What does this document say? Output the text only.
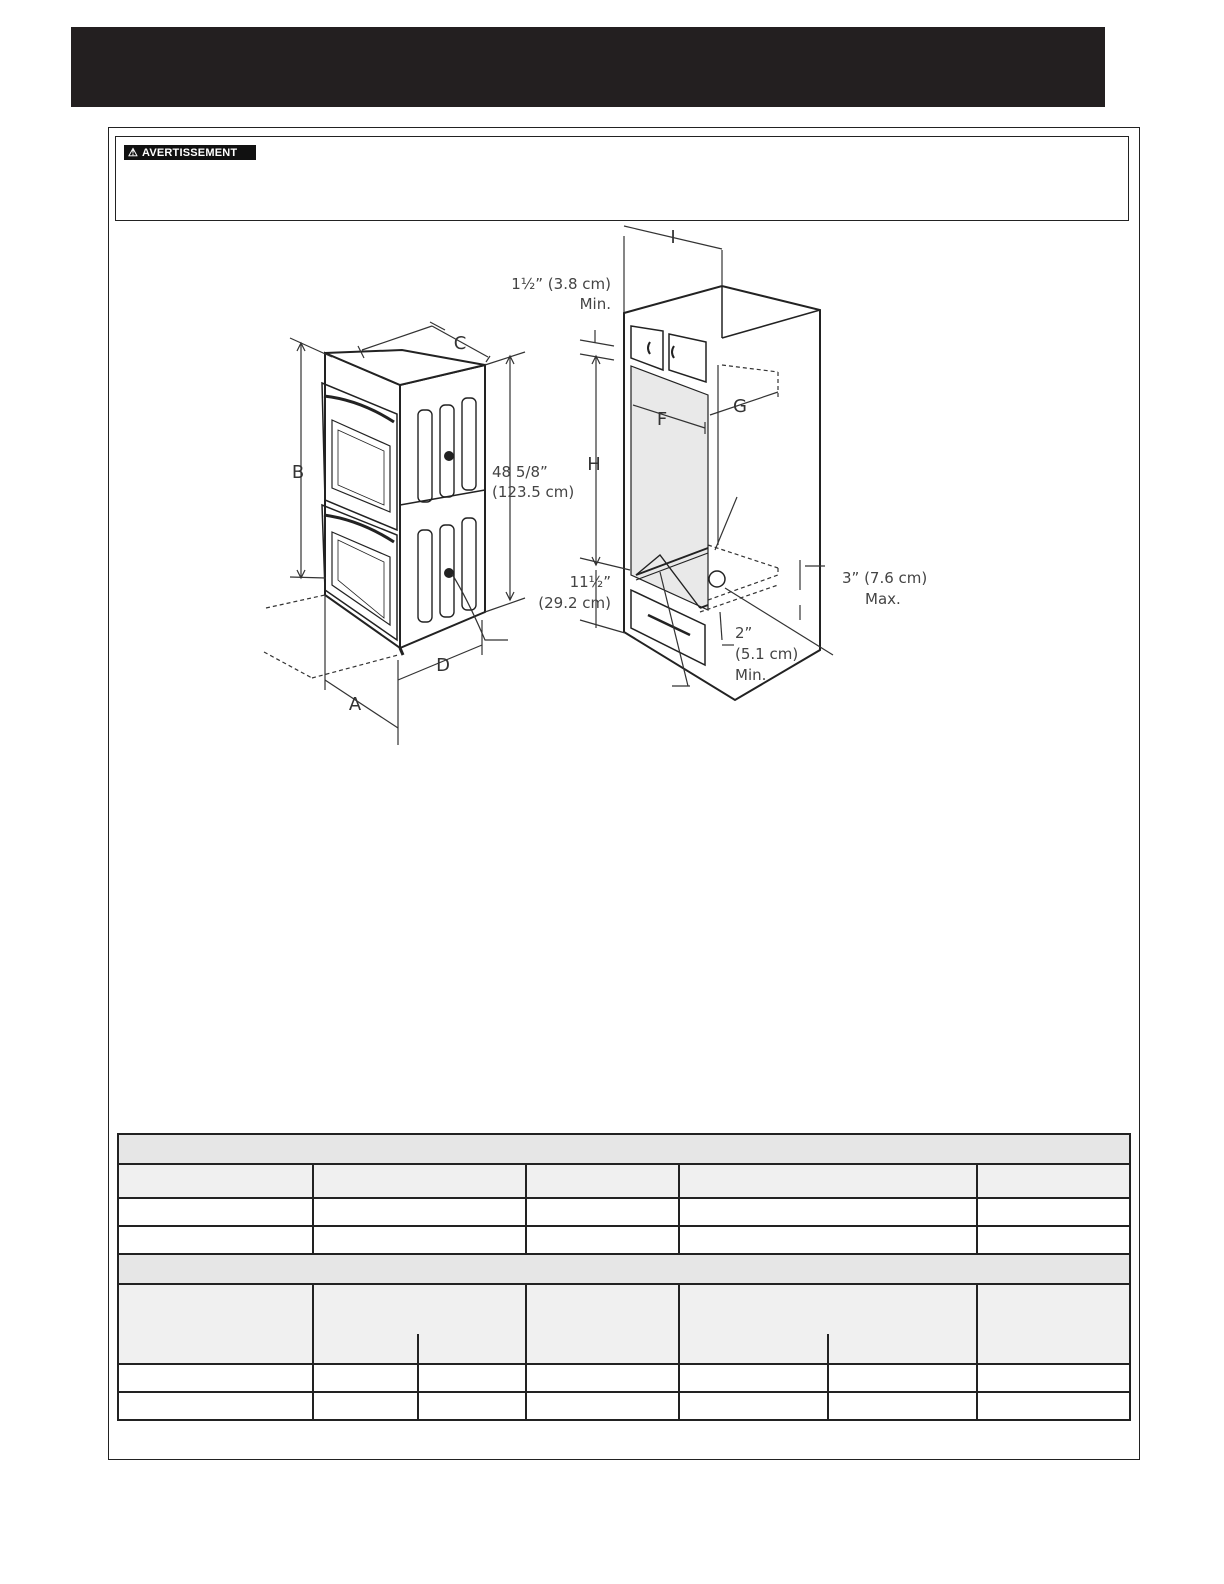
⚠ AVERTISSEMENT
B
C
D
A
48 5/8”
(123.5 cm)
I
F
G
H
1½” (3.8 cm)
Min.
11½”
(29.2 cm)
2”
(5.1 cm)
Min.
3” (7.6 cm)
Max.
